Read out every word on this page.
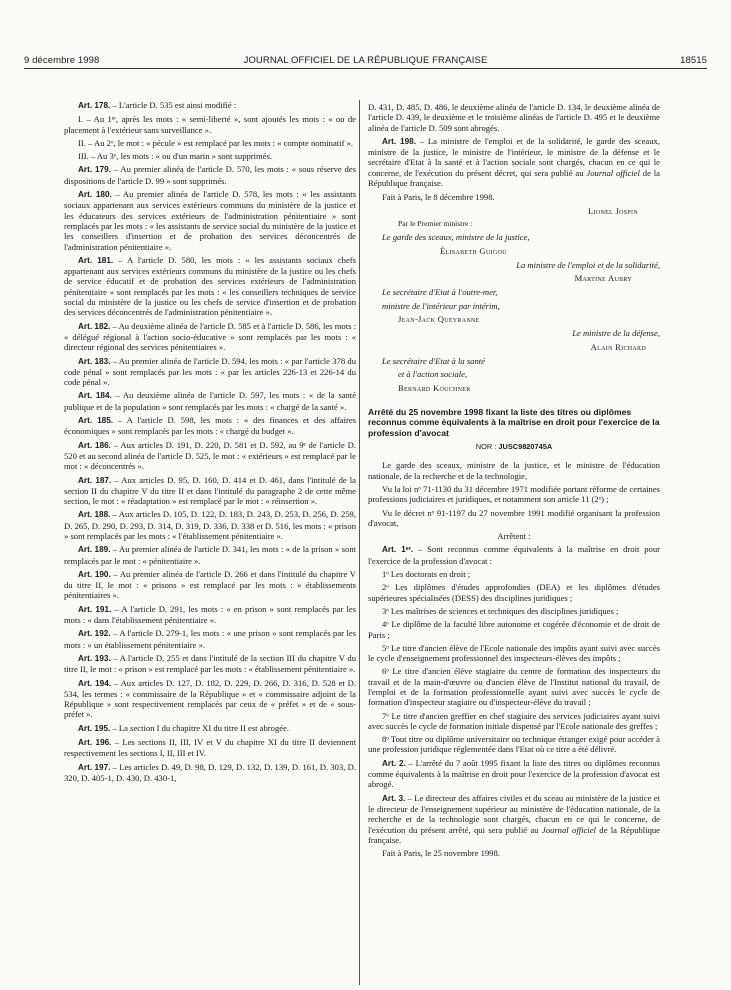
9 décembre 1998	JOURNAL OFFICIEL DE LA RÉPUBLIQUE FRANÇAISE	18515

Art. 178. – L'article D. 535 est ainsi modifié :

I. – Au 1ᵉʳ, après les mots : « semi-liberté », sont ajoutés les mots : « ou de placement à l'extérieur sans surveillance ».

II. – Au 2ᵒ, le mot : « pécule » est remplacé par les mots : « compte nominatif ».

III. – Au 3ᵒ, les mots : « ou d'un marin » sont supprimés.

Art. 179. – Au premier alinéa de l'article D. 570, les mots : « sous réserve des dispositions de l'article D. 99 » sont supprimés.

Art. 180. – Au premier alinéa de l'article D. 578, les mots : « les assistants sociaux appartenant aux services extérieurs communs du ministère de la justice et les éducateurs des services extérieurs de l'administration pénitentiaire » sont remplacés par les mots : « les assistants de service social du ministère de la justice et les conseillers d'insertion et de probation des services déconcentrés de l'administration pénitentiaire ».

Art. 181. – A l'article D. 580, les mots : « les assistants sociaux chefs appartenant aux services extérieurs communs du ministère de la justice ou les chefs de service éducatif et de probation des services extérieurs de l'administration pénitentiaire » sont remplacés par les mots : « les conseillers techniques de service social du ministère de la justice ou les chefs de service d'insertion et de probation des services déconcentrés de l'administration pénitentiaire ».

Art. 182. – Au deuxième alinéa de l'article D. 585 et à l'article D. 586, les mots : « délégué régional à l'action socio-éducative » sont remplacés par les mots : « directeur régional des services pénitentiaires ».

Art. 183. – Au premier alinéa de l'article D. 594, les mots : « par l'article 378 du code pénal » sont remplacés par les mots : « par les articles 226-13 et 226-14 du code pénal ».

Art. 184. – Au deuxième alinéa de l'article D. 597, les mots : « de la santé publique et de la population » sont remplacés par les mots : « chargé de la santé ».

Art. 185. – A l'article D. 598, les mots : « des finances et des affaires économiques » sont remplacés par les mots : « chargé du budget ».

Art. 186. – Aux articles D. 191, D. 220, D. 581 et D. 592, au 9ᵉ de l'article D. 520 et au second alinéa de l'article D. 525, le mot : « extérieurs » est remplacé par le mot : « déconcentrés ».

Art. 187. – Aux articles D. 95, D. 160, D. 414 et D. 461, dans l'intitulé de la section II du chapitre V du titre II et dans l'intitulé du paragraphe 2 de cette même section, le mot : « réadaptation » est remplacé par le mot : « réinsertion ».

Art. 188. – Aux articles D. 105, D. 122, D. 183, D. 243, D. 253, D. 256, D. 259, D. 265, D. 290, D. 293, D. 314, D. 319, D. 336, D. 338 et D. 516, les mots : « prison » sont remplacés par les mots : « l'établissement pénitentiaire ».

Art. 189. – Au premier alinéa de l'article D. 341, les mots : « de la prison » sont remplacés par le mot : « pénitentiaire ».

Art. 190. – Au premier alinéa de l'article D. 266 et dans l'intitulé du chapitre V du titre II, le mot : « prisons » est remplacé par les mots : « établissements pénitentiaires ».

Art. 191. – A l'article D. 291, les mots : « en prison » sont remplacés par les mots : « dans l'établissement pénitentiaire ».

Art. 192. – A l'article D. 279-1, les mots : « une prison » sont remplacés par les mots : « un établissement pénitentiaire ».

Art. 193. – A l'article D. 255 et dans l'intitulé de la section III du chapitre V du titre II, le mot : « prison » est remplacé par les mots : « établissement pénitentiaire ».

Art. 194. – Aux articles D. 127, D. 182, D. 229, D. 266, D. 316, D. 528 et D. 534, les termes : « commissaire de la République » et « commissaire adjoint de la République » sont respectivement remplacés par ceux de « préfet » et de « sous-préfet ».

Art. 195. – La section I du chapitre XI du titre II est abrogée.

Art. 196. – Les sections II, III, IV et V du chapitre XI du titre II deviennent respectivement les sections I, II, III et IV.

Art. 197. – Les articles D. 49, D. 98, D. 129, D. 132, D. 139, D. 161, D. 303, D. 320, D. 405-1, D. 430, D. 430-1,

D. 431, D. 485, D. 486, le deuxième alinéa de l'article D. 134, le deuxième alinéa de l'article D. 439, le deuxième et le troisième alinéas de l'article D. 495 et le deuxième alinéa de l'article D. 509 sont abrogés.

Art. 198. – La ministre de l'emploi et de la solidarité, le garde des sceaux, ministre de la justice, le ministre de l'intérieur, le ministre de la défense et le secrétaire d'Etat à la santé et à l'action sociale sont chargés, chacun en ce qui le concerne, de l'exécution du présent décret, qui sera publié au Journal officiel de la République française.

Fait à Paris, le 8 décembre 1998.

Lionel Jospin

Par le Premier ministre :

Le garde des sceaux, ministre de la justice,

Élisabeth Guigou

La ministre de l'emploi et de la solidarité,

Martine Aubry

Le secrétaire d'Etat à l'outre-mer,

ministre de l'intérieur par intérim,

Jean-Jack Queyranne

Le ministre de la défense,

Alain Richard

Le secrétaire d'Etat à la santé

et à l'action sociale,

Bernard Kouchner

Arrêté du 25 novembre 1998 fixant la liste des titres ou diplômes reconnus comme équivalents à la maîtrise en droit pour l'exercice de la profession d'avocat
NOR : JUSC9820745A

Le garde des sceaux, ministre de la justice, et le ministre de l'éducation nationale, de la recherche et de la technologie,

Vu la loi nᵒ 71-1130 du 31 décembre 1971 modifiée portant réforme de certaines professions judiciaires et juridiques, et notamment son article 11 (2ᵒ) ;

Vu le décret nᵒ 91-1197 du 27 novembre 1991 modifié organisant la profession d'avocat,

Arrêtent :

Art. 1ᵉʳ. – Sont reconnus comme équivalents à la maîtrise en droit pour l'exercice de la profession d'avocat :

1ᵒ Les doctorats en droit ;

2ᵒ Les diplômes d'études approfondies (DEA) et les diplômes d'études supérieures spécialisées (DESS) des disciplines juridiques ;

3ᵒ Les maîtrises de sciences et techniques des disciplines juridiques ;

4ᵒ Le diplôme de la faculté libre autonome et cogérée d'économie et de droit de Paris ;

5ᵒ Le titre d'ancien élève de l'Ecole nationale des impôts ayant suivi avec succès le cycle d'enseignement professionnel des inspecteurs-élèves des impôts ;

6ᵒ Le titre d'ancien élève stagiaire du centre de formation des inspecteurs du travail et de la main-d'œuvre ou d'ancien élève de l'Institut national du travail, de l'emploi et de la formation professionnelle ayant suivi avec succès le cycle de formation d'inspecteur stagiaire ou d'inspecteur-élève du travail ;

7ᵒ Le titre d'ancien greffier en chef stagiaire des services judiciaires ayant suivi avec succès le cycle de formation initiale dispensé par l'Ecole nationale des greffes ;

8ᵒ Tout titre ou diplôme universitaire ou technique étranger exigé pour accéder à une profession juridique réglementée dans l'Etat où ce titre a été délivré.

Art. 2. – L'arrêté du 7 août 1995 fixant la liste des titres ou diplômes reconnus comme équivalents à la maîtrise en droit pour l'exercice de la profession d'avocat est abrogé.

Art. 3. – Le directeur des affaires civiles et du sceau au ministère de la justice et le directeur de l'enseignement supérieur au ministère de l'éducation nationale, de la recherche et de la technologie sont chargés, chacun en ce qui le concerne, de l'exécution du présent arrêté, qui sera publié au Journal officiel de la République française.

Fait à Paris, le 25 novembre 1998.
